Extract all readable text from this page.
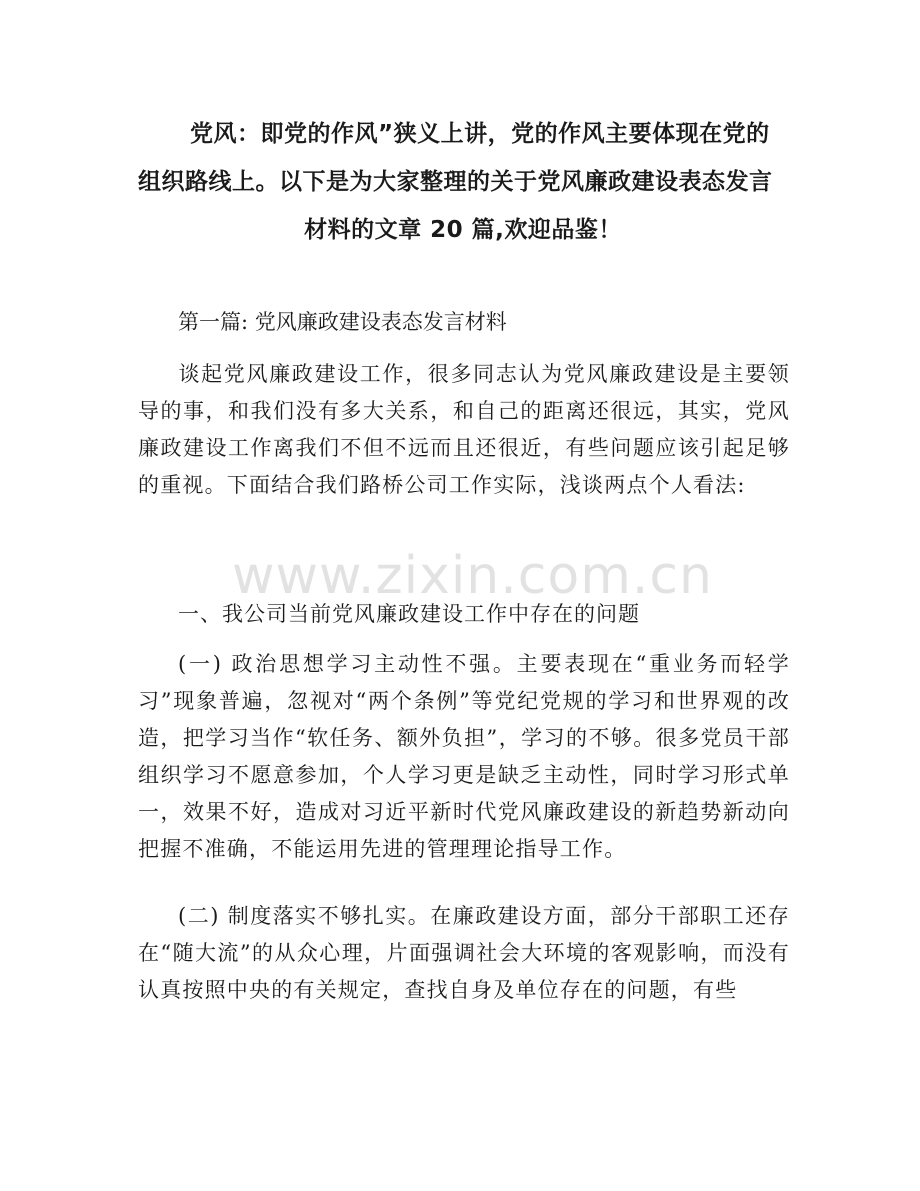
党风：即党的作风”狭义上讲，党的作风主要体现在党的

组织路线上。以下是为大家整理的关于党风廉政建设表态发言

材料的文章 20 篇,欢迎品鉴！

第一篇: 党风廉政建设表态发言材料

谈起党风廉政建设工作，很多同志认为党风廉政建设是主要领导的事，和我们没有多大关系，和自己的距离还很远，其实，党风廉政建设工作离我们不但不远而且还很近，有些问题应该引起足够的重视。下面结合我们路桥公司工作实际，浅谈两点个人看法:

一、我公司当前党风廉政建设工作中存在的问题

(一) 政治思想学习主动性不强。主要表现在“重业务而轻学习”现象普遍，忽视对“两个条例”等党纪党规的学习和世界观的改造，把学习当作“软任务、额外负担”，学习的不够。很多党员干部组织学习不愿意参加，个人学习更是缺乏主动性，同时学习形式单一，效果不好，造成对习近平新时代党风廉政建设的新趋势新动向把握不准确，不能运用先进的管理理论指导工作。

(二) 制度落实不够扎实。在廉政建设方面，部分干部职工还存在“随大流”的从众心理，片面强调社会大环境的客观影响，而没有认真按照中央的有关规定，查找自身及单位存在的问题，有些

www.zixin.com.cn
